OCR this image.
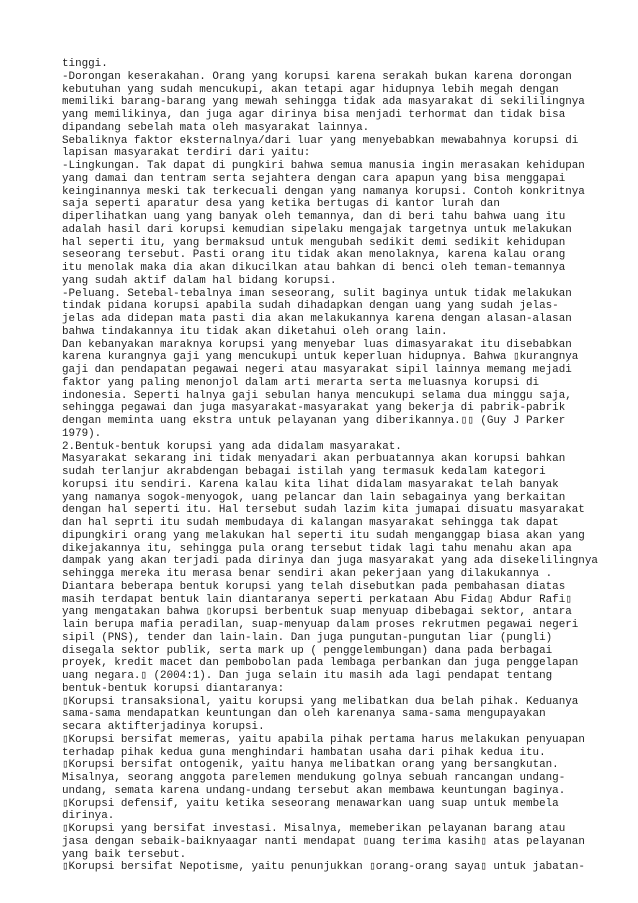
tinggi.
-Dorongan keserakahan. Orang yang korupsi karena serakah bukan karena dorongan
kebutuhan yang sudah mencukupi, akan tetapi agar hidupnya lebih megah dengan
memiliki barang-barang yang mewah sehingga tidak ada masyarakat di sekililingnya
yang memilikinya, dan juga agar dirinya bisa menjadi terhormat dan tidak bisa
dipandang sebelah mata oleh masyarakat lainnya.
Sebaliknya faktor eksternalnya/dari luar yang menyebabkan mewabahnya korupsi di
lapisan masyarakat terdiri dari yaitu:
-Lingkungan. Tak dapat di pungkiri bahwa semua manusia ingin merasakan kehidupan
yang damai dan tentram serta sejahtera dengan cara apapun yang bisa menggapai
keinginannya meski tak terkecuali dengan yang namanya korupsi. Contoh konkritnya
saja seperti aparatur desa yang ketika bertugas di kantor lurah dan
diperlihatkan uang yang banyak oleh temannya, dan di beri tahu bahwa uang itu
adalah hasil dari korupsi kemudian sipelaku mengajak targetnya untuk melakukan
hal seperti itu, yang bermaksud untuk mengubah sedikit demi sedikit kehidupan
seseorang tersebut. Pasti orang itu tidak akan menolaknya, karena kalau orang
itu menolak maka dia akan dikucilkan atau bahkan di benci oleh teman-temannya
yang sudah aktif dalam hal bidang korupsi.
-Peluang. Setebal-tebalnya iman seseorang, sulit baginya untuk tidak melakukan
tindak pidana korupsi apabila sudah dihadapkan dengan uang yang sudah jelas-
jelas ada didepan mata pasti dia akan melakukannya karena dengan alasan-alasan
bahwa tindakannya itu tidak akan diketahui oleh orang lain.
Dan kebanyakan maraknya korupsi yang menyebar luas dimasyarakat itu disebabkan
karena kurangnya gaji yang mencukupi untuk keperluan hidupnya. Bahwa ▯kurangnya
gaji dan pendapatan pegawai negeri atau masyarakat sipil lainnya memang mejadi
faktor yang paling menonjol dalam arti merarta serta meluasnya korupsi di
indonesia. Seperti halnya gaji sebulan hanya mencukupi selama dua minggu saja,
sehingga pegawai dan juga masyarakat-masyarakat yang bekerja di pabrik-pabrik
dengan meminta uang ekstra untuk pelayanan yang diberikannya.▯▯ (Guy J Parker
1979).
2.Bentuk-bentuk korupsi yang ada didalam masyarakat.
Masyarakat sekarang ini tidak menyadari akan perbuatannya akan korupsi bahkan
sudah terlanjur akrabdengan bebagai istilah yang termasuk kedalam kategori
korupsi itu sendiri. Karena kalau kita lihat didalam masyarakat telah banyak
yang namanya sogok-menyogok, uang pelancar dan lain sebagainya yang berkaitan
dengan hal seperti itu. Hal tersebut sudah lazim kita jumapai disuatu masyarakat
dan hal seprti itu sudah membudaya di kalangan masyarakat sehingga tak dapat
dipungkiri orang yang melakukan hal seperti itu sudah menganggap biasa akan yang
dikejakannya itu, sehingga pula orang tersebut tidak lagi tahu menahu akan apa
dampak yang akan terjadi pada dirinya dan juga masyarakat yang ada disekelilingnya
sehingga mereka itu merasa benar sendiri akan pekerjaan yang dilakukannya .
Diantara beberapa bentuk korupsi yang telah disebutkan pada pembahasan diatas
masih terdapat bentuk lain diantaranya seperti perkataan Abu Fida▯ Abdur Rafi▯
yang mengatakan bahwa ▯korupsi berbentuk suap menyuap dibebagai sektor, antara
lain berupa mafia peradilan, suap-menyuap dalam proses rekrutmen pegawai negeri
sipil (PNS), tender dan lain-lain. Dan juga pungutan-pungutan liar (pungli)
disegala sektor publik, serta mark up ( penggelembungan) dana pada berbagai
proyek, kredit macet dan pembobolan pada lembaga perbankan dan juga penggelapan
uang negara.▯ (2004:1). Dan juga selain itu masih ada lagi pendapat tentang
bentuk-bentuk korupsi diantaranya:
▯Korupsi transaksional, yaitu korupsi yang melibatkan dua belah pihak. Keduanya
sama-sama mendapatkan keuntungan dan oleh karenanya sama-sama mengupayakan
secara aktifterjadinya korupsi.
▯Korupsi bersifat memeras, yaitu apabila pihak pertama harus melakukan penyuapan
terhadap pihak kedua guna menghindari hambatan usaha dari pihak kedua itu.
▯Korupsi bersifat ontogenik, yaitu hanya melibatkan orang yang bersangkutan.
Misalnya, seorang anggota parelemen mendukung golnya sebuah rancangan undang-
undang, semata karena undang-undang tersebut akan membawa keuntungan baginya.
▯Korupsi defensif, yaitu ketika seseorang menawarkan uang suap untuk membela
dirinya.
▯Korupsi yang bersifat investasi. Misalnya, memeberikan pelayanan barang atau
jasa dengan sebaik-baiknyaagar nanti mendapat ▯uang terima kasih▯ atas pelayanan
yang baik tersebut.
▯Korupsi bersifat Nepotisme, yaitu penunjukkan ▯orang-orang saya▯ untuk jabatan-
